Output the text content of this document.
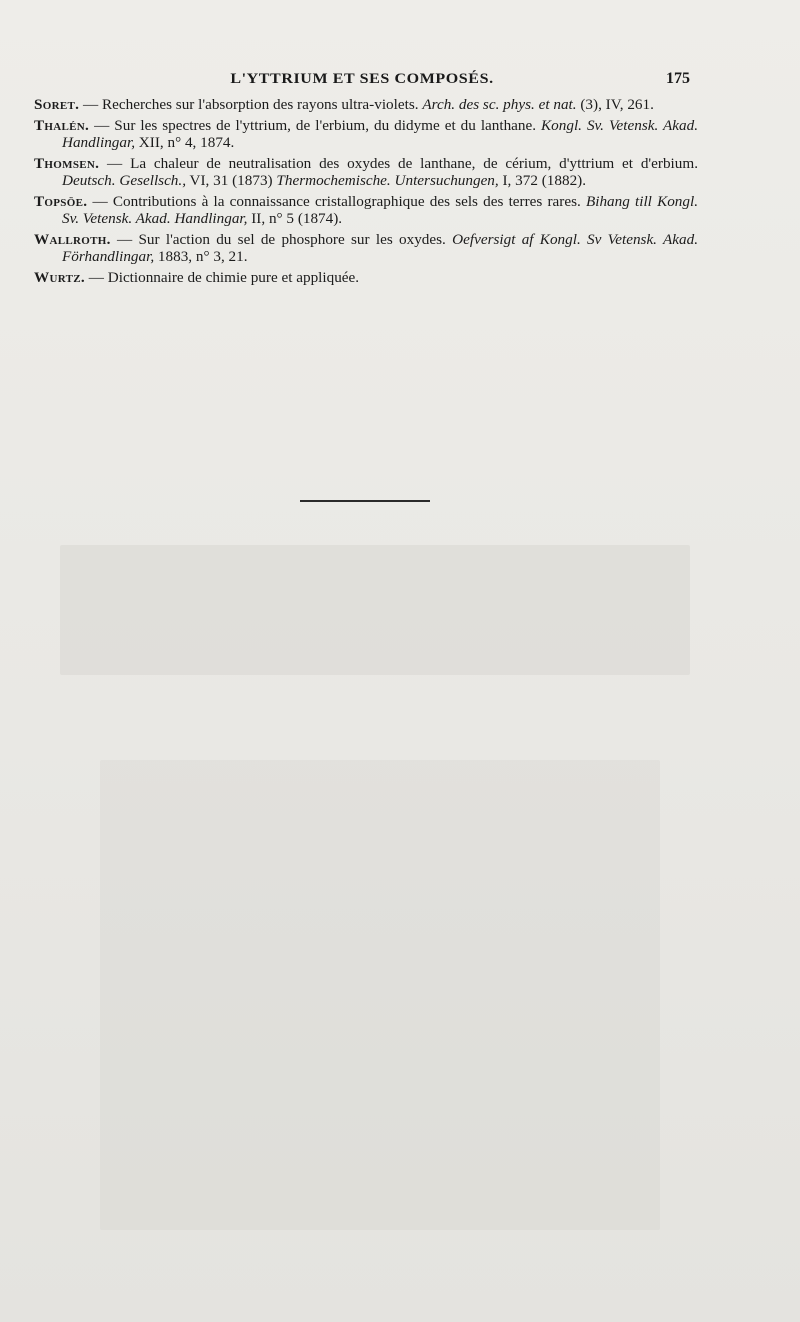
L'YTTRIUM ET SES COMPOSÉS.	175

Soret. — Recherches sur l'absorption des rayons ultra-violets. Arch. des sc. phys. et nat. (3), IV, 261.

Thalén. — Sur les spectres de l'yttrium, de l'erbium, du didyme et du lanthane. Kongl. Sv. Vetensk. Akad. Handlingar, XII, n° 4, 1874.

Thomsen. — La chaleur de neutralisation des oxydes de lanthane, de cérium, d'yttrium et d'erbium. Deutsch. Gesellsch., VI, 31 (1873) Thermochemische. Untersuchungen, I, 372 (1882).

Topsöe. — Contributions à la connaissance cristallographique des sels des terres rares. Bihang till Kongl. Sv. Vetensk. Akad. Handlingar, II, n° 5 (1874).

Wallroth. — Sur l'action du sel de phosphore sur les oxydes. Oefversigt af Kongl. Sv Vetensk. Akad. Förhandlingar, 1883, n° 3, 21.

Wurtz. — Dictionnaire de chimie pure et appliquée.
